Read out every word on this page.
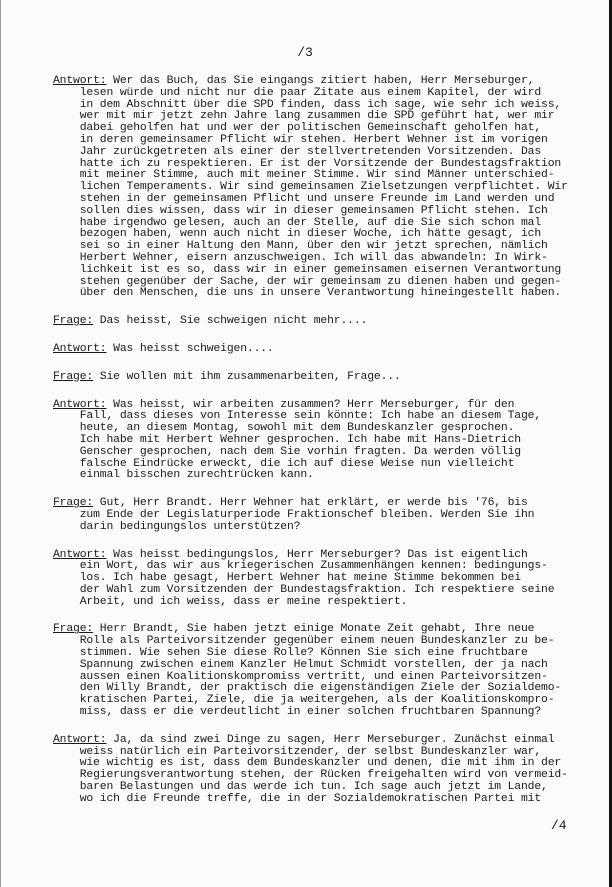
/3
Antwort: Wer das Buch, das Sie eingangs zitiert haben, Herr Merseburger,
lesen würde und nicht nur die paar Zitate aus einem Kapitel, der wird
in dem Abschnitt über die SPD finden, dass ich sage, wie sehr ich weiss,
wer mit mir jetzt zehn Jahre lang zusammen die SPD geführt hat, wer mir
dabei geholfen hat und wer der politischen Gemeinschaft geholfen hat,
in deren gemeinsamer Pflicht wir stehen. Herbert Wehner ist im vorigen
Jahr zurückgetreten als einer der stellvertretenden Vorsitzenden. Das
hatte ich zu respektieren. Er ist der Vorsitzende der Bundestagsfraktion
mit meiner Stimme, auch mit meiner Stimme. Wir sind Männer unterschied-
lichen Temperaments. Wir sind gemeinsamen Zielsetzungen verpflichtet. Wir
stehen in der gemeinsamen Pflicht und unsere Freunde im Land werden und
sollen dies wissen, dass wir in dieser gemeinsamen Pflicht stehen. Ich
habe irgendwo gelesen, auch an der Stelle, auf die Sie sich schon mal
bezogen haben, wenn auch nicht in dieser Woche, ich hätte gesagt, ich
sei so in einer Haltung den Mann, über den wir jetzt sprechen, nämlich
Herbert Wehner, eisern anzuschweigen. Ich will das abwandeln: In Wirk-
lichkeit ist es so, dass wir in einer gemeinsamen eisernen Verantwortung
stehen gegenüber der Sache, der wir gemeinsam zu dienen haben und gegen-
über den Menschen, die uns in unsere Verantwortung hineingestellt haben.
Frage: Das heisst, Sie schweigen nicht mehr....
Antwort: Was heisst schweigen....
Frage: Sie wollen mit ihm zusammenarbeiten, Frage...
Antwort: Was heisst, wir arbeiten zusammen? Herr Merseburger, für den
Fall, dass dieses von Interesse sein könnte: Ich habe an diesem Tage,
heute, an diesem Montag, sowohl mit dem Bundeskanzler gesprochen.
Ich habe mit Herbert Wehner gesprochen. Ich habe mit Hans-Dietrich
Genscher gesprochen, nach dem Sie vorhin fragten. Da werden völlig
falsche Eindrücke erweckt, die ich auf diese Weise nun vielleicht
einmal bisschen zurechtrücken kann.
Frage: Gut, Herr Brandt. Herr Wehner hat erklärt, er werde bis '76, bis
zum Ende der Legislaturperiode Fraktionschef bleiben. Werden Sie ihn
darin bedingungslos unterstützen?
Antwort: Was heisst bedingungslos, Herr Merseburger? Das ist eigentlich
ein Wort, das wir aus kriegerischen Zusammenhängen kennen: bedingungs-
los. Ich habe gesagt, Herbert Wehner hat meine Stimme bekommen bei
der Wahl zum Vorsitzenden der Bundestagsfraktion. Ich respektiere seine
Arbeit, und ich weiss, dass er meine respektiert.
Frage: Herr Brandt, Sie haben jetzt einige Monate Zeit gehabt, Ihre neue
Rolle als Parteivorsitzender gegenüber einem neuen Bundeskanzler zu be-
stimmen. Wie sehen Sie diese Rolle? Können Sie sich eine fruchtbare
Spannung zwischen einem Kanzler Helmut Schmidt vorstellen, der ja nach
aussen einen Koalitionskompromiss vertritt, und einen Parteivorsitzen-
den Willy Brandt, der praktisch die eigenständigen Ziele der Sozialdemo-
kratischen Partei, Ziele, die ja weitergehen, als der Koalitionskompro-
miss, dass er die verdeutlicht in einer solchen fruchtbaren Spannung?
Antwort: Ja, da sind zwei Dinge zu sagen, Herr Merseburger. Zunächst einmal
weiss natürlich ein Parteivorsitzender, der selbst Bundeskanzler war,
wie wichtig es ist, dass dem Bundeskanzler und denen, die mit ihm in der
Regierungsverantwortung stehen, der Rücken freigehalten wird von vermeid-
baren Belastungen und das werde ich tun. Ich sage auch jetzt im Lande,
wo ich die Freunde treffe, die in der Sozialdemokratischen Partei mit
/4
